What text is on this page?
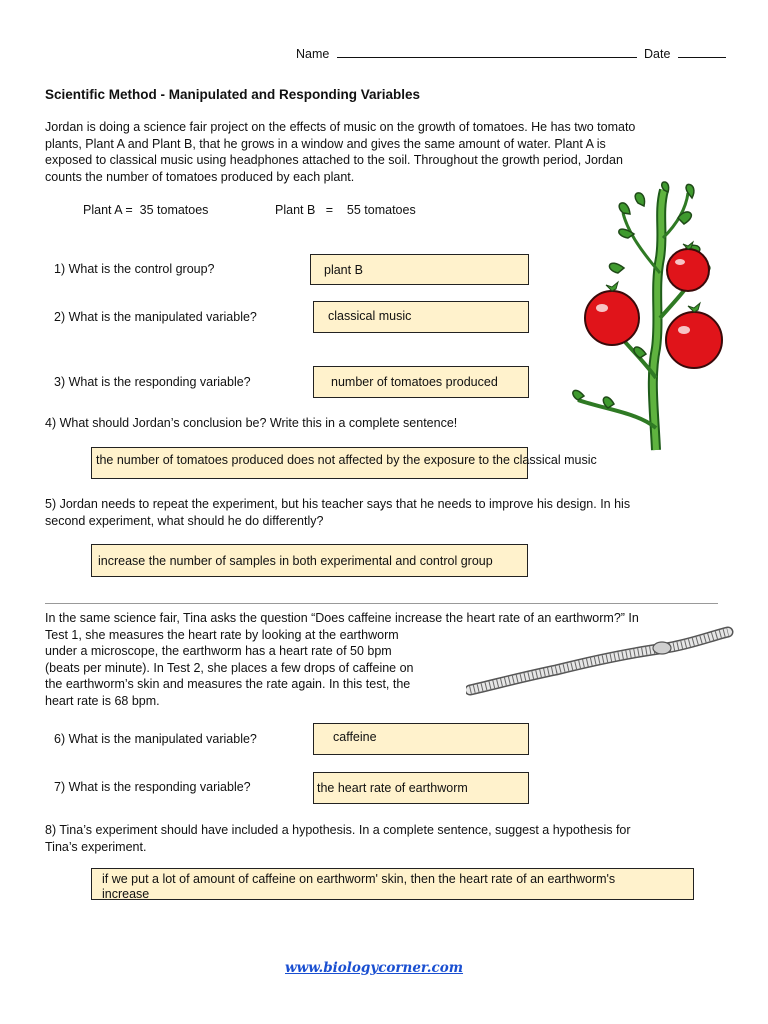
Name	Date
Scientific Method - Manipulated and Responding Variables
Jordan is doing a science fair project on the effects of music on the growth of tomatoes. He has two tomato
plants, Plant A and Plant B, that he grows in a window and gives the same amount of water. Plant A is
exposed to classical music using headphones attached to the soil. Throughout the growth period, Jordan
counts the number of tomatoes produced by each plant.
Plant A =  35 tomatoes	Plant B   =    55 tomatoes
1) What is the control group?	plant B
2) What is the manipulated variable?	classical music
3) What is the responding variable?	number of tomatoes produced
4) What should Jordan’s conclusion be? Write this in a complete sentence!
the number of tomatoes produced does not affected by the exposure to the classical music
5) Jordan needs to repeat the experiment, but his teacher says that he needs to improve his design. In his
second experiment, what should he do differently?
increase the number of samples in both experimental and control group
In the same science fair, Tina asks the question “Does caffeine increase the heart rate of an earthworm?” In
Test 1, she measures the heart rate by looking at the earthworm
under a microscope, the earthworm has a heart rate of 50 bpm
(beats per minute). In Test 2, she places a few drops of caffeine on
the earthworm’s skin and measures the rate again. In this test, the
heart rate is 68 bpm.
6) What is the manipulated variable?	caffeine
7) What is the responding variable?	the heart rate of earthworm
8) Tina’s experiment should have included a hypothesis. In a complete sentence, suggest a hypothesis for
Tina’s experiment.
if we put a lot of amount of caffeine on earthworm' skin, then the heart rate of an earthworm's increase
www.biologycorner.com
